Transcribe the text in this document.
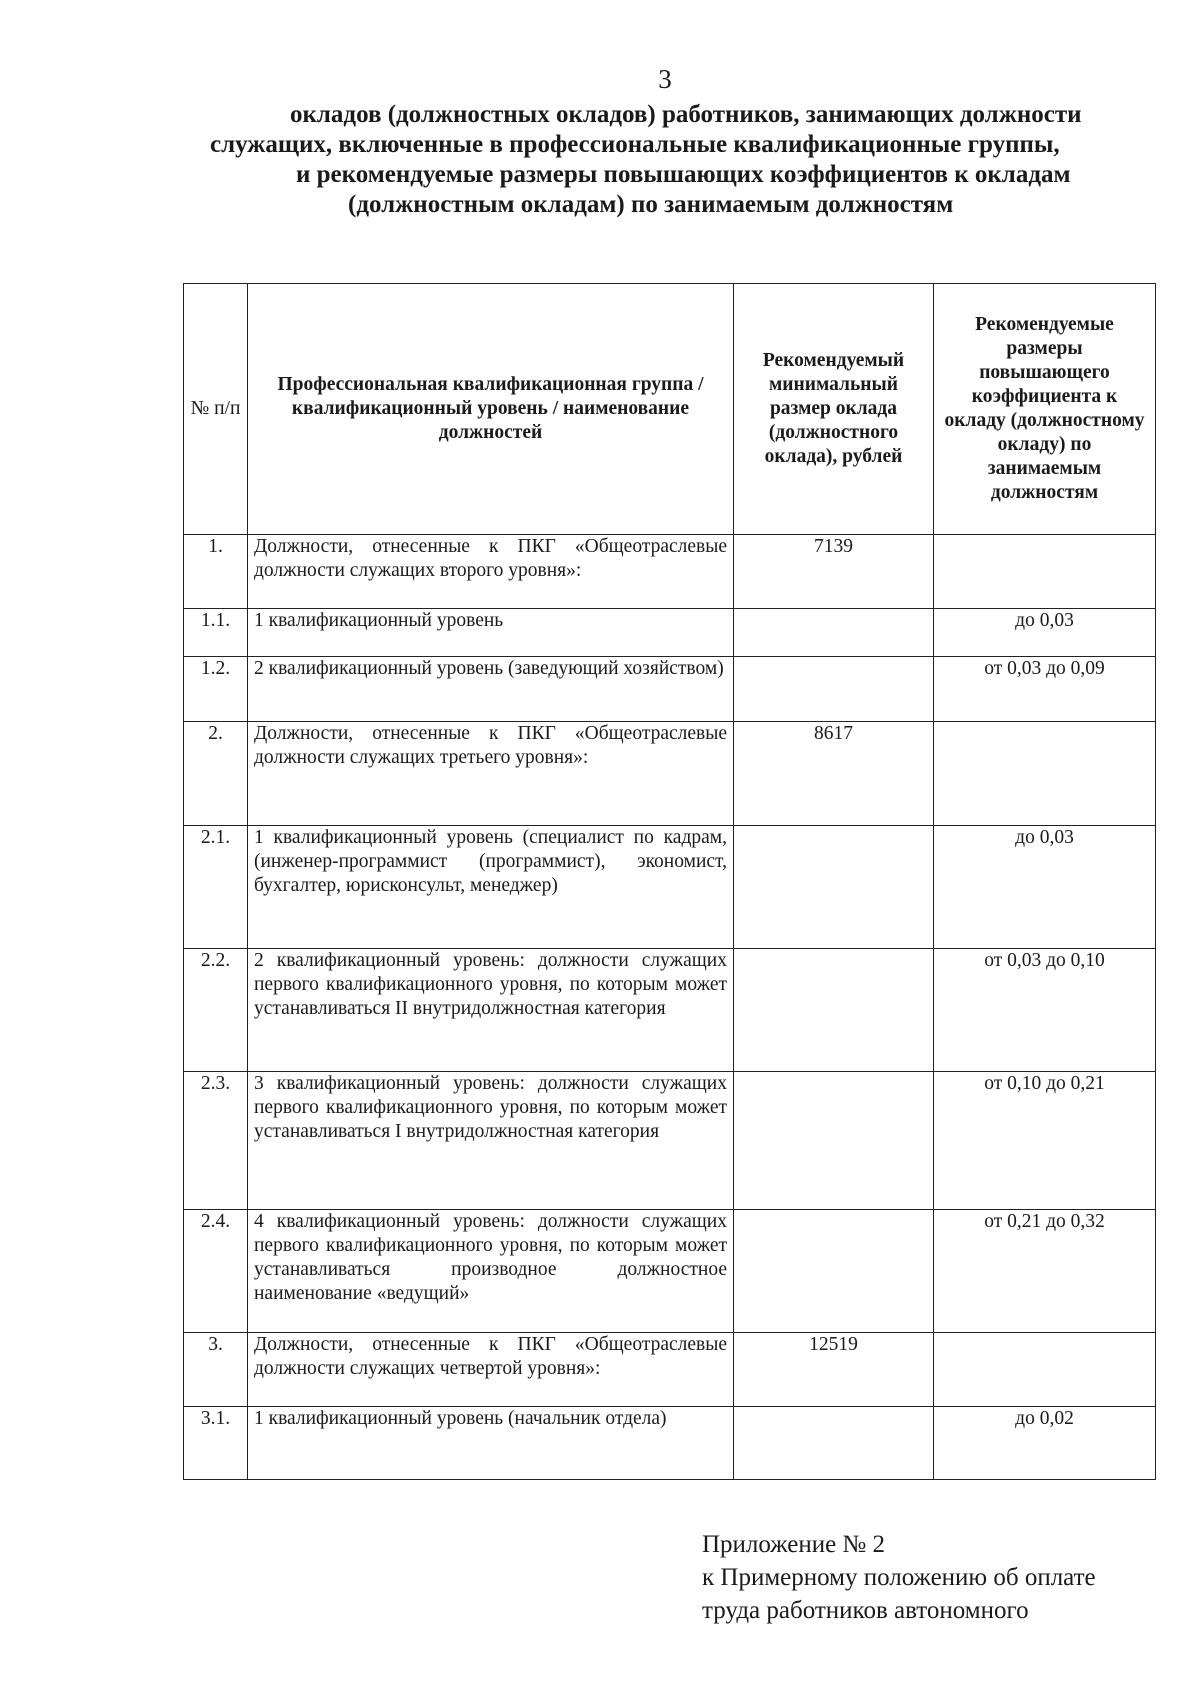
3
окладов (должностных окладов) работников, занимающих должности
служащих, включенные в профессиональные квалификационные группы,
и рекомендуемые размеры повышающих коэффициентов к окладам
(должностным окладам) по занимаемым должностям
№ п/п	Профессиональная квалификационная группа / квалификационный уровень / наименование должностей	Рекомендуемый минимальный размер оклада (должностного оклада), рублей	Рекомендуемые размеры повышающего коэффициента к окладу (должностному окладу) по занимаемым должностям
1.	Должности, отнесенные к ПКГ «Общеотраслевые должности служащих второго уровня»:	7139	
1.1.	1 квалификационный уровень		до 0,03
1.2.	2 квалификационный уровень (заведующий хозяйством)		от 0,03 до 0,09
2.	Должности, отнесенные к ПКГ «Общеотраслевые должности служащих третьего уровня»:	8617	
2.1.	1 квалификационный уровень (специалист по кадрам, (инженер-программист (программист), экономист, бухгалтер, юрисконсульт, менеджер)		до 0,03
2.2.	2 квалификационный уровень: должности служащих первого квалификационного уровня, по которым может устанавливаться II внутридолжностная категория		от 0,03 до 0,10
2.3.	3 квалификационный уровень: должности служащих первого квалификационного уровня, по которым может устанавливаться I внутридолжностная категория		от 0,10 до 0,21
2.4.	4 квалификационный уровень: должности служащих первого квалификационного уровня, по которым может устанавливаться производное должностное наименование «ведущий»		от 0,21 до 0,32
3.	Должности, отнесенные к ПКГ «Общеотраслевые должности служащих четвертой уровня»:	12519	
3.1.	1 квалификационный уровень (начальник отдела)		до 0,02
Приложение № 2
к Примерному положению об оплате
труда работников автономного
